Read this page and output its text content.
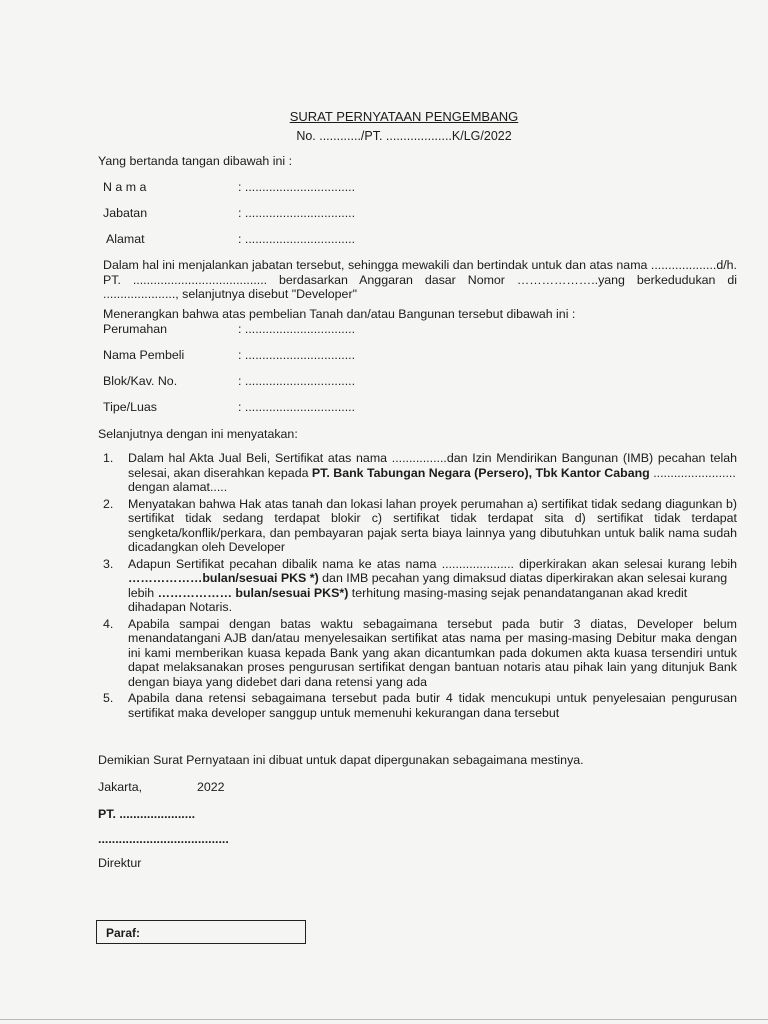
SURAT PERNYATAAN PENGEMBANG
No. ............/PT. ...................K/LG/2022
Yang bertanda tangan dibawah ini :
N a m a	: ................................
Jabatan	: ................................
Alamat	: ................................
Dalam hal ini menjalankan jabatan tersebut, sehingga mewakili dan bertindak untuk dan atas nama ...................d/h.
PT. ....................................... berdasarkan Anggaran dasar Nomor ………………..yang berkedudukan di
....................., selanjutnya disebut "Developer"
Menerangkan bahwa atas pembelian Tanah dan/atau Bangunan tersebut dibawah ini :
Perumahan	: ................................
Nama Pembeli	: ................................
Blok/Kav. No.	: ................................
Tipe/Luas	: ................................
Selanjutnya dengan ini menyatakan:
1.	Dalam hal Akta Jual Beli, Sertifikat atas nama ................dan Izin Mendirikan Bangunan (IMB) pecahan telah
selesai, akan diserahkan kepada PT. Bank Tabungan Negara (Persero), Tbk Kantor Cabang ........................
dengan alamat.....
2.	Menyatakan bahwa Hak atas tanah dan lokasi lahan proyek perumahan a) sertifikat tidak sedang diagunkan b)
sertifikat tidak sedang terdapat blokir c) sertifikat tidak terdapat sita d) sertifikat tidak terdapat
sengketa/konflik/perkara, dan pembayaran pajak serta biaya lainnya yang dibutuhkan untuk balik nama sudah
dicadangkan oleh Developer
3.	Adapun Sertifikat pecahan dibalik nama ke atas nama ..................... diperkirakan akan selesai kurang lebih
………………bulan/sesuai PKS *) dan IMB pecahan yang dimaksud diatas diperkirakan akan selesai kurang
lebih ……………… bulan/sesuai PKS*) terhitung masing-masing sejak penandatanganan akad kredit
dihadapan Notaris.
4.	Apabila sampai dengan batas waktu sebagaimana tersebut pada butir 3 diatas, Developer belum
menandatangani AJB dan/atau menyelesaikan sertifikat atas nama per masing-masing Debitur maka dengan
ini kami memberikan kuasa kepada Bank yang akan dicantumkan pada dokumen akta kuasa tersendiri untuk
dapat melaksanakan proses pengurusan sertifikat dengan bantuan notaris atau pihak lain yang ditunjuk Bank
dengan biaya yang didebet dari dana retensi yang ada
5.	Apabila dana retensi sebagaimana tersebut pada butir 4 tidak mencukupi untuk penyelesaian pengurusan
sertifikat maka developer sanggup untuk memenuhi kekurangan dana tersebut
Demikian Surat Pernyataan ini dibuat untuk dapat dipergunakan sebagaimana mestinya.
Jakarta,	2022
PT. ......................
......................................
Direktur
Paraf:
